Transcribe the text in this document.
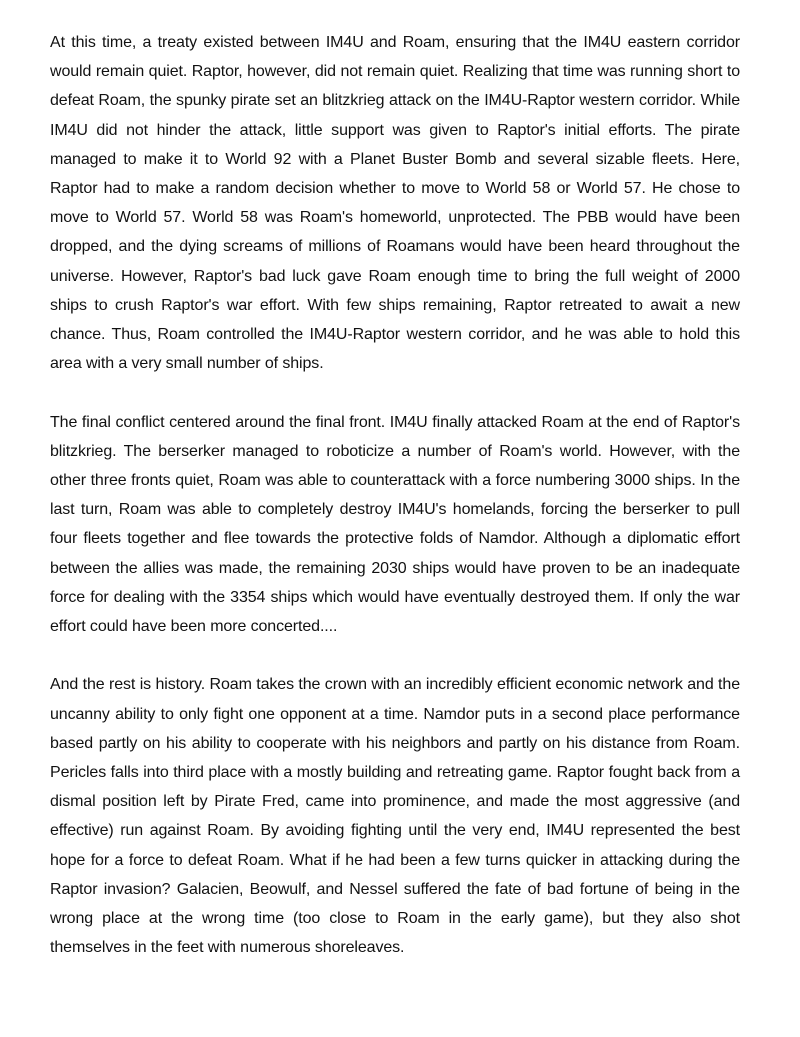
At this time, a treaty existed between IM4U and Roam, ensuring that the IM4U eastern corridor would remain quiet. Raptor, however, did not remain quiet. Realizing that time was running short to defeat Roam, the spunky pirate set an blitzkrieg attack on the IM4U-Raptor western corridor. While IM4U did not hinder the attack, little support was given to Raptor's initial efforts. The pirate managed to make it to World 92 with a Planet Buster Bomb and several sizable fleets. Here, Raptor had to make a random decision whether to move to World 58 or World 57. He chose to move to World 57. World 58 was Roam's homeworld, unprotected. The PBB would have been dropped, and the dying screams of millions of Roamans would have been heard throughout the universe. However, Raptor's bad luck gave Roam enough time to bring the full weight of 2000 ships to crush Raptor's war effort. With few ships remaining, Raptor retreated to await a new chance. Thus, Roam controlled the IM4U-Raptor western corridor, and he was able to hold this area with a very small number of ships.

The final conflict centered around the final front. IM4U finally attacked Roam at the end of Raptor's blitzkrieg. The berserker managed to roboticize a number of Roam's world. However, with the other three fronts quiet, Roam was able to counterattack with a force numbering 3000 ships. In the last turn, Roam was able to completely destroy IM4U's homelands, forcing the berserker to pull four fleets together and flee towards the protective folds of Namdor. Although a diplomatic effort between the allies was made, the remaining 2030 ships would have proven to be an inadequate force for dealing with the 3354 ships which would have eventually destroyed them. If only the war effort could have been more concerted....

And the rest is history. Roam takes the crown with an incredibly efficient economic network and the uncanny ability to only fight one opponent at a time. Namdor puts in a second place performance based partly on his ability to cooperate with his neighbors and partly on his distance from Roam. Pericles falls into third place with a mostly building and retreating game. Raptor fought back from a dismal position left by Pirate Fred, came into prominence, and made the most aggressive (and effective) run against Roam. By avoiding fighting until the very end, IM4U represented the best hope for a force to defeat Roam. What if he had been a few turns quicker in attacking during the Raptor invasion? Galacien, Beowulf, and Nessel suffered the fate of bad fortune of being in the wrong place at the wrong time (too close to Roam in the early game), but they also shot themselves in the feet with numerous shoreleaves.
